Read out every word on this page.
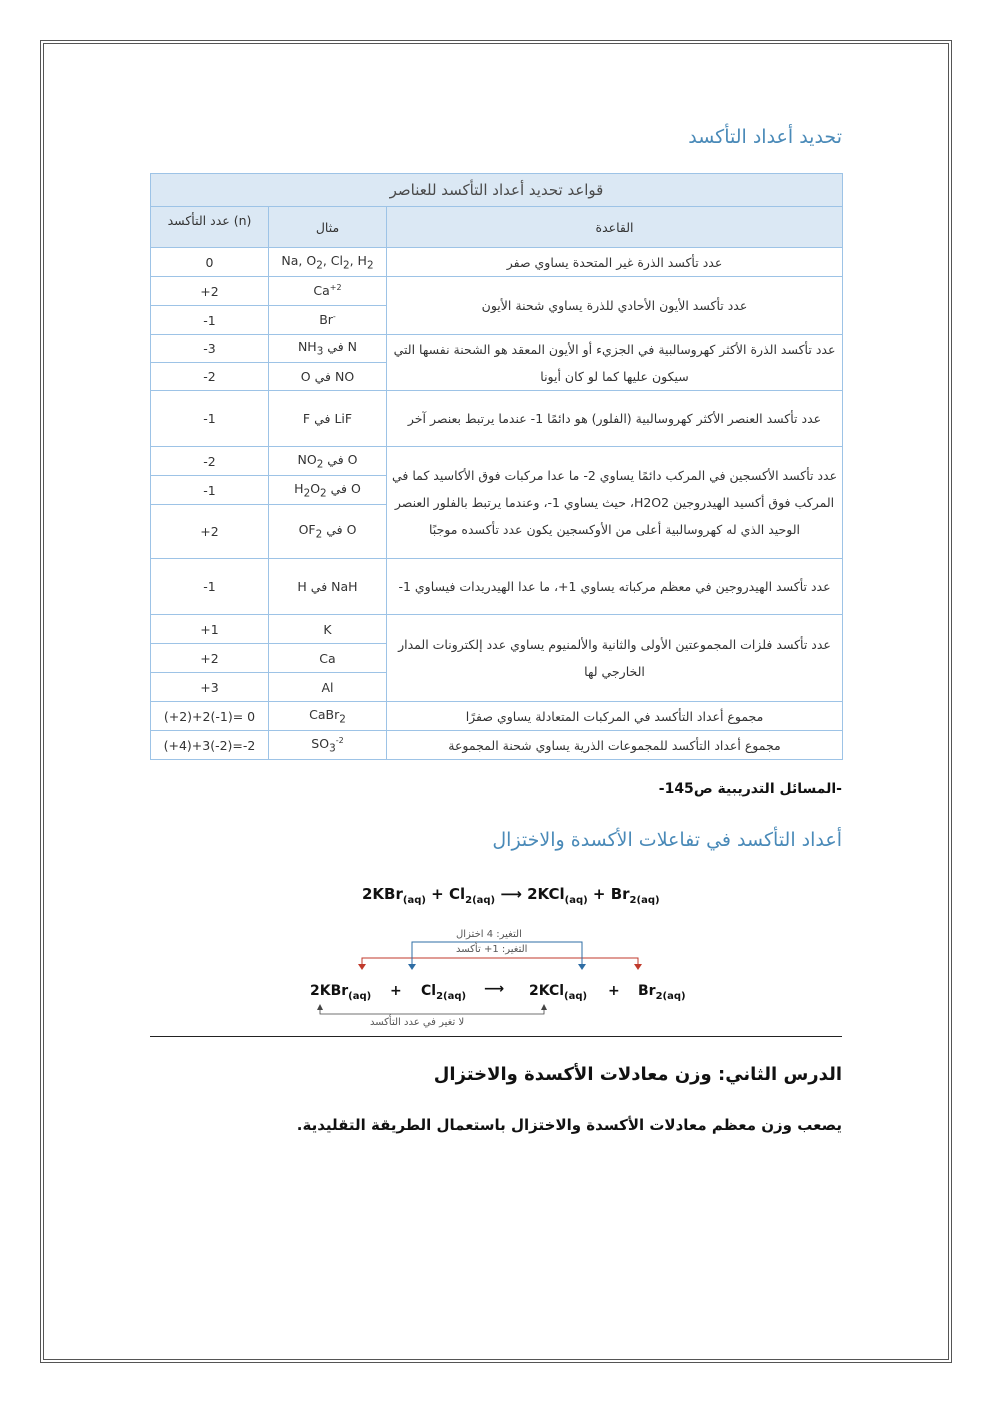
تحديد أعداد التأكسد
قواعد تحديد أعداد التأكسد للعناصر		
عدد التأكسد (n)	مثال	القاعدة
0	Na, $O_2$, $Cl_2$, $H_2$	عدد تأكسد الذرة غير المتحدة يساوي صفر
+2	$Ca^{+2}$	عدد تأكسد الأيون الأحادي للذرة يساوي شحنة الأيون
-1	Br-
-3	N في $NH_3$	عدد تأكسد الذرة الأكثر كهروسالبية في الجزيء أو الأيون المعقد هو الشحنة نفسها التي سيكون عليها كما لو كان أيونا
-2	O في NO	
-1	F في LiF	عدد تأكسد العنصر الأكثر كهروسالبية (الفلور) هو دائمًا 1- عندما يرتبط بعنصر آخر
-2	O في $NO_2$	عدد تأكسد الأكسجين في المركب دائمًا يساوي 2- ما عدا مركبات فوق الأكاسيد كما في المركب فوق أكسيد الهيدروجين H2O2، حيث يساوي 1-، وعندما يرتبط بالفلور العنصر الوحيد الذي له كهروسالبية أعلى من الأوكسجين يكون عدد تأكسده موجبًا
-1	O في $H_2O_2$
+2	O في $OF_2$
-1	H في NaH	عدد تأكسد الهيدروجين في معظم مركباته يساوي 1+، ما عدا الهيدريدات فيساوي 1-
+1	K	عدد تأكسد فلزات المجموعتين الأولى والثانية والألمنيوم يساوي عدد إلكترونات المدار الخارجي لها
+2	Ca	
+3	Al	
(+2)+2(-1)= 0	CaBr$_2$	مجموع أعداد التأكسد في المركبات المتعادلة يساوي صفرًا
(+4)+3(-2)=-2	$SO_3^{-2}$	مجموع أعداد التأكسد للمجموعات الذرية يساوي شحنة المجموعة
-المسائل التدريبية ص145-
أعداد التأكسد في تفاعلات الأكسدة والاختزال
$2KBr_{(aq)} + Cl_{2(aq)}$ ⟶ $2KCl_{(aq)} + Br_{2(aq)}$
التغير: 4 اختزال
التغير: 1+ تأكسد
$2KBr_{(aq)} + Cl_{2(aq)}$ ⟶ $2KCl_{(aq)} + Br_{2(aq)}$
لا تغير في عدد التأكسد
الدرس الثاني: وزن معادلات الأكسدة والاختزال
يصعب وزن معظم معادلات الأكسدة والاختزال باستعمال الطريقة التقليدية.
